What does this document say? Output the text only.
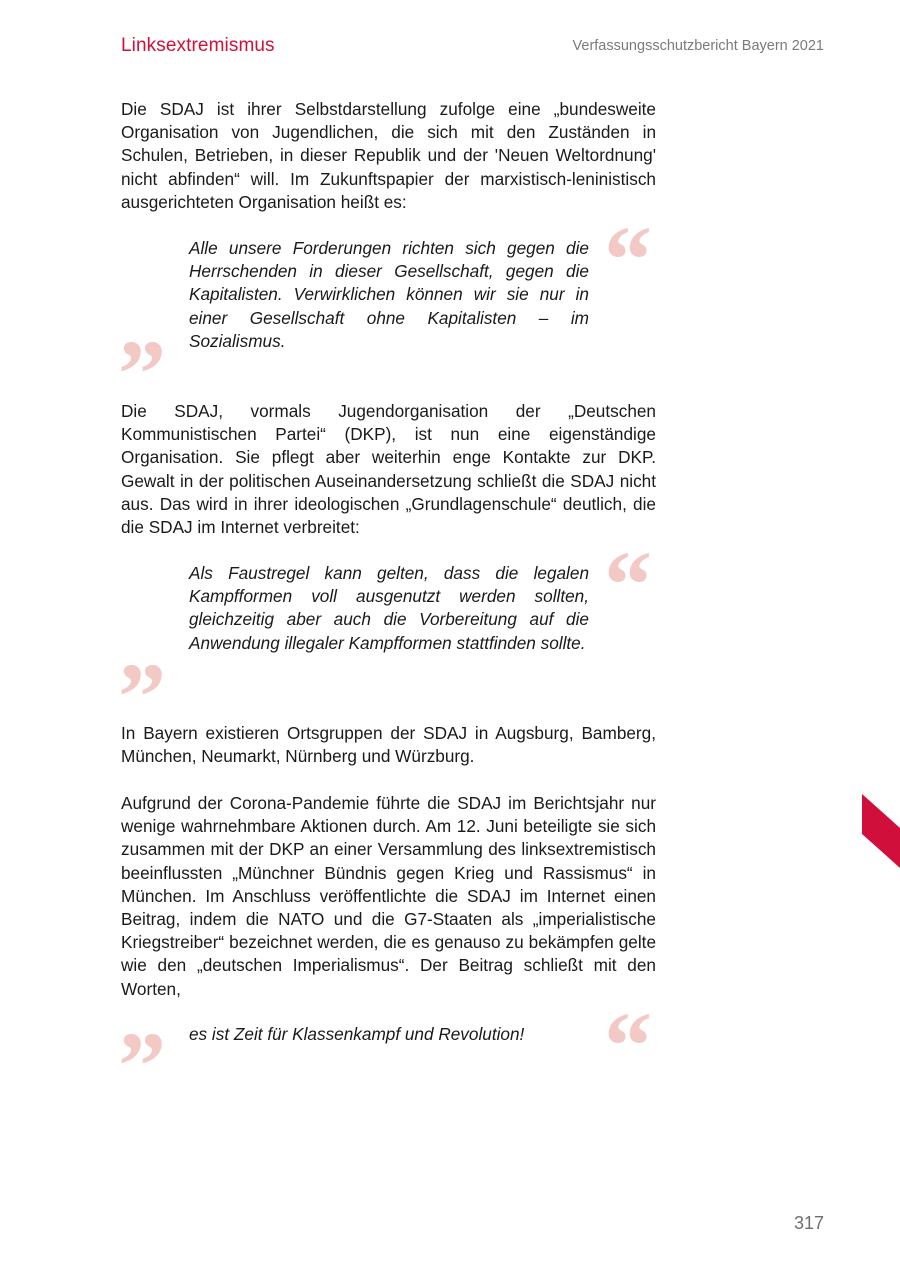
Linksextremismus	Verfassungsschutzbericht Bayern 2021

Die SDAJ ist ihrer Selbstdarstellung zufolge eine „bundesweite Organisation von Jugendlichen, die sich mit den Zuständen in Schulen, Betrieben, in dieser Republik und der 'Neuen Weltordnung' nicht abfinden“ will. Im Zukunftspapier der marxistisch-leninistisch ausgerichteten Organisation heißt es:

“

Alle unsere Forderungen richten sich gegen die Herrschenden in dieser Gesellschaft, gegen die Kapitalisten. Verwirklichen können wir sie nur in einer Gesellschaft ohne Kapitalisten – im Sozialismus.

”

Die SDAJ, vormals Jugendorganisation der „Deutschen Kommunistischen Partei“ (DKP), ist nun eine eigenständige Organisation. Sie pflegt aber weiterhin enge Kontakte zur DKP. Gewalt in der politischen Auseinandersetzung schließt die SDAJ nicht aus. Das wird in ihrer ideologischen „Grundlagenschule“ deutlich, die die SDAJ im Internet verbreitet:

“

Als Faustregel kann gelten, dass die legalen Kampfformen voll ausgenutzt werden sollten, gleichzeitig aber auch die Vorbereitung auf die Anwendung illegaler Kampfformen stattfinden sollte.

”

In Bayern existieren Ortsgruppen der SDAJ in Augsburg, Bamberg, München, Neumarkt, Nürnberg und Würzburg.

Aufgrund der Corona-Pandemie führte die SDAJ im Berichtsjahr nur wenige wahrnehmbare Aktionen durch. Am 12. Juni beteiligte sie sich zusammen mit der DKP an einer Versammlung des linksextremistisch beeinflussten „Münchner Bündnis gegen Krieg und Rassismus“ in München. Im Anschluss veröffentlichte die SDAJ im Internet einen Beitrag, indem die NATO und die G7-Staaten als „imperialistische Kriegstreiber“ bezeichnet werden, die es genauso zu bekämpfen gelte wie den „deutschen Imperialismus“. Der Beitrag schließt mit den Worten,

” es ist Zeit für Klassenkampf und Revolution! “
317
